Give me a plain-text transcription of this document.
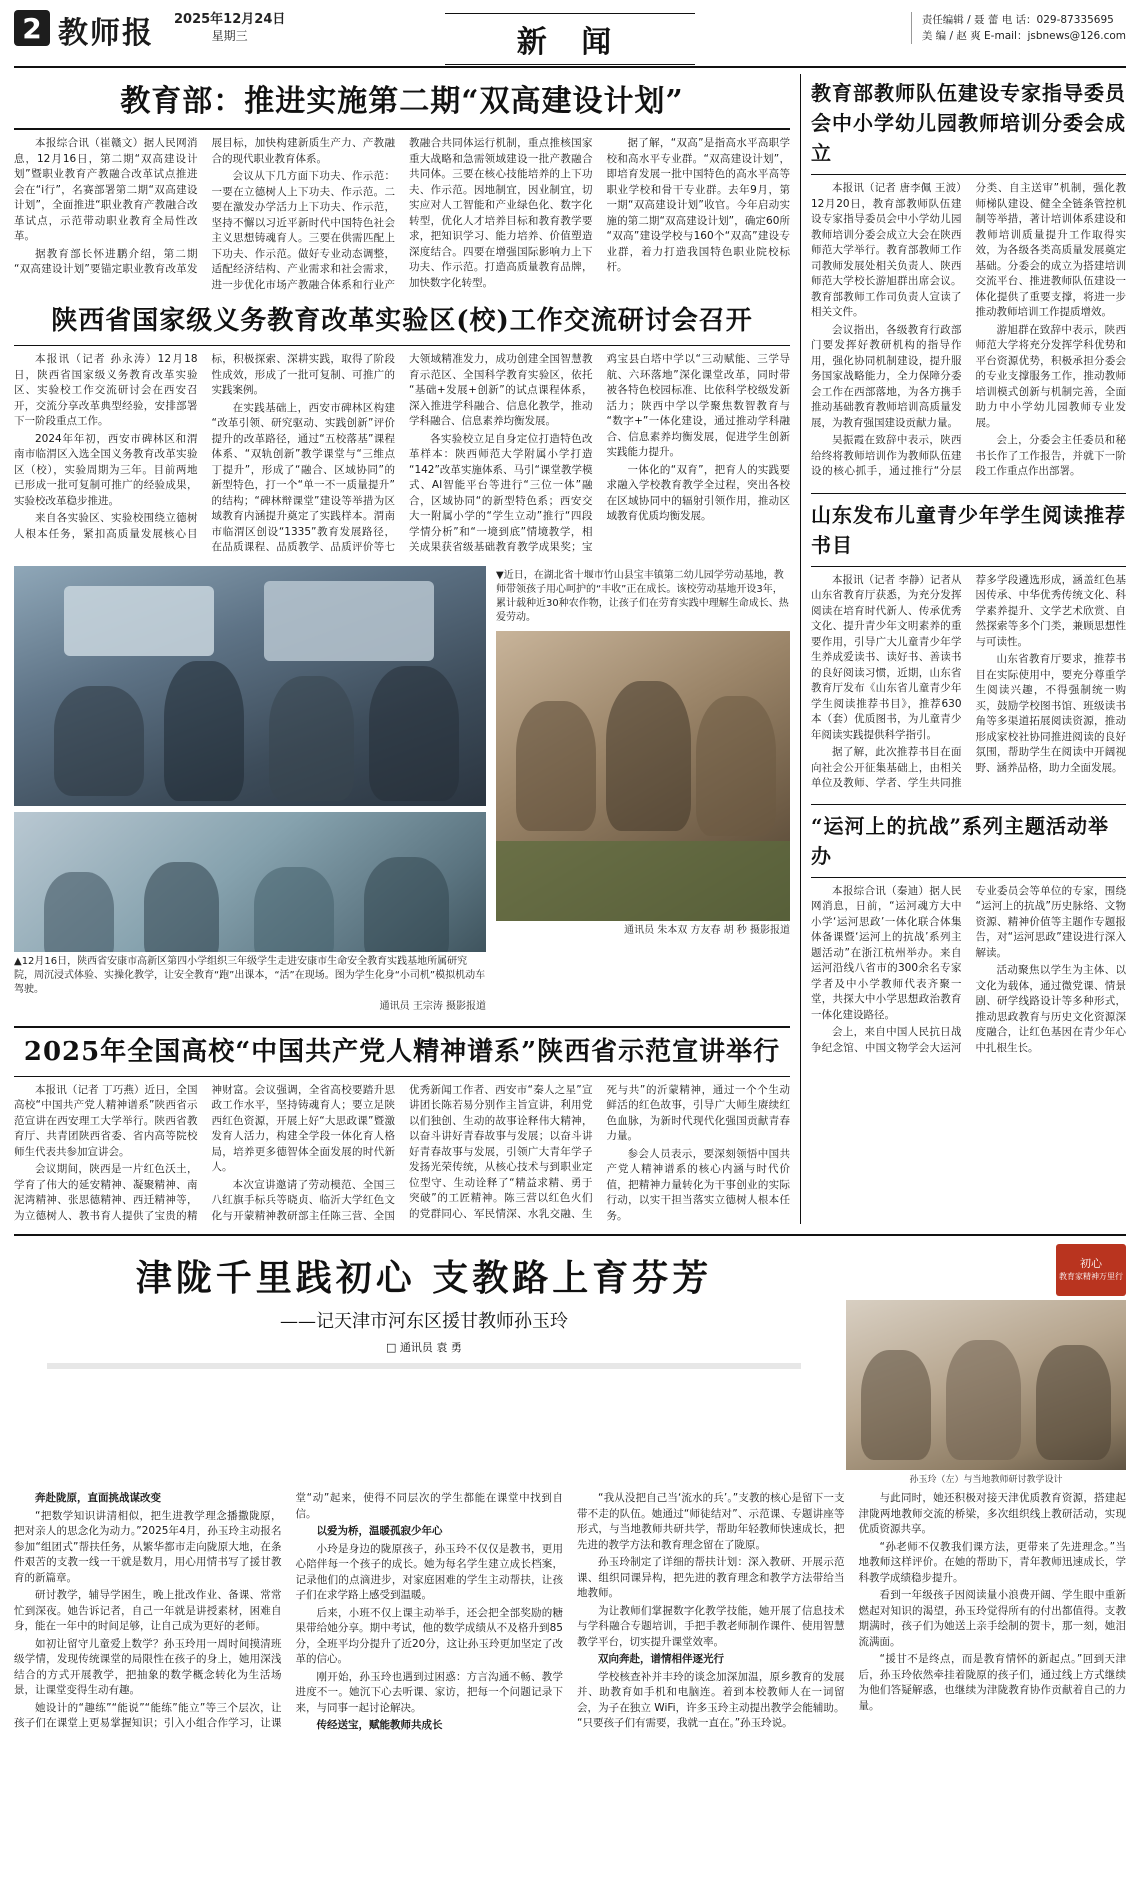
2 教师报 2025年12月24日
星期三	新 闻
责任编辑 / 聂 蕾 电 话：029-87335695
美 编 / 赵 爽 E-mail：jsbnews@126.com
教育部：推进实施第二期“双高建设计划”

本报综合讯（崔赣文）据人民网消息，12月16日，第二期“双高建设计划”暨职业教育产教融合改革试点推进会在“i行”，名赛部署第二期“双高建设计划”，全面推进“职业教育产教融合改革试点，示范带动职业教育全局性改革。

据教育部长怀进鹏介绍，第二期“双高建设计划”要锚定职业教育改革发展目标，加快构建新质生产力、产教融合的现代职业教育体系。

会议从下几方面下功夫、作示范：一要在立德树人上下功夫、作示范。二要在激发办学活力上下功夫、作示范，坚持不懈以习近平新时代中国特色社会主义思想铸魂育人。三要在供需匹配上下功夫、作示范。做好专业动态调整，适配经济结构、产业需求和社会需求，进一步优化市场产教融合体系和行业产教融合共同体运行机制，重点推核国家重大战略和急需领域建设一批产教融合共同体。三要在核心技能培养的上下功夫、作示范。因地制宜，因业制宜，切实应对人工智能和产业绿色化、数字化转型，优化人才培养目标和教育教学要求，把知识学习、能力培养、价值塑造深度结合。四要在增强国际影响力上下功夫、作示范。打造高质量教育品牌，加快数字化转型。

据了解，“双高”是指高水平高职学校和高水平专业群。“双高建设计划”，即培育发展一批中国特色的高水平高等职业学校和骨干专业群。去年9月，第一期“双高建设计划”收官。今年启动实施的第二期“双高建设计划”，确定60所“双高”建设学校与160个“双高”建设专业群，着力打造我国特色职业院校标杆。

陕西省国家级义务教育改革实验区(校)工作交流研讨会召开

本报讯（记者 孙永涛）12月18日，陕西省国家级义务教育改革实验区、实验校工作交流研讨会在西安召开，交流分享改革典型经验，安排部署下一阶段重点工作。

2024年年初，西安市碑林区和渭南市临渭区入选全国义务教育改革实验区（校），实验周期为三年。目前两地已形成一批可复制可推广的经验成果，实验校改革稳步推进。

来自各实验区、实验校围绕立德树人根本任务，紧扣高质量发展核心目标，积极探索、深耕实践，取得了阶段性成效，形成了一批可复制、可推广的实践案例。

在实践基础上，西安市碑林区构建“改革引领、研究驱动、实践创新”评价提升的改革路径，通过“五校落基”课程体系、“双轨创新”教学课堂与“三维点丁提升”，形成了“融合、区域协同”的新型特色，打一个“单一不一质量提升”的结构；“碑林辩课堂”建设等举措为区域教育内涵提升奠定了实践样本。渭南市临渭区创设“1335”教育发展路径，在品质课程、品质教学、品质评价等七大领域精准发力，成功创建全国智慧教育示范区、全国科学教育实验区，依托“基础+发展+创新”的试点课程体系，深入推进学科融合、信息化教学，推动学科融合、信息素养均衡发展。

各实验校立足自身定位打造特色改革样本：陕西师范大学附属小学打造“142”改革实施体系、马引“课堂教学模式、AI智能平台等进行“三位一体”融合，区域协同“的新型特色系；西安交大一附属小学的“学生立动”推行“四段学情分析”和“一境到底”情境教学，相关成果获省级基础教育教学成果奖；宝鸡宝县白塔中学以“三动赋能、三学导航、六环落地”深化课堂改革，同时带被各特色校园标准、比依科学校级发新活力；陕西中学以学聚焦数智教育与“数字+”一体化建设，通过推动学科融合、信息素养均衡发展，促进学生创新实践能力提升。

一体化的“双育”，把育人的实践要求融入学校教育教学全过程，突出各校在区域协同中的辐射引领作用，推动区域教育优质均衡发展。

▲12月16日，陕西省安康市高新区第四小学组织三年级学生走进安康市生命安全教育实践基地所属研究院，周沉浸式体验、实操化教学，让安全教育“跑”出课本，“活”在现场。图为学生化身“小司机”模拟机动车驾驶。
通讯员 王宗涛 摄影报道
▼近日，在湖北省十堰市竹山县宝丰镇第二幼儿园学劳动基地，教师带领孩子用心呵护的“丰收”正在成长。该校劳动基地开设3年，累计载种近30种农作物，让孩子们在劳育实践中理解生命成长、热爱劳动。
通讯员 朱本双 方友春 胡 秒 摄影报道
2025年全国高校“中国共产党人精神谱系”陕西省示范宣讲举行

本报讯（记者 丁巧燕）近日，全国高校“中国共产党人精神谱系”陕西省示范宣讲在西安理工大学举行。陕西省教育厅、共青团陕西省委、省内高等院校师生代表共参加宣讲会。

会议期间，陕西是一片红色沃土，学育了伟大的延安精神、凝聚精神、南泥湾精神、张思德精神、西迁精神等，为立德树人、教书育人提供了宝贵的精神财富。会议强调，全省高校要踏升思政工作水平，坚持铸魂育人；要立足陕西红色资源，开展上好“大思政课”暨激发育人活力，构建全学段一体化育人格局，培养更多德智体全面发展的时代新人。

本次宣讲邀请了劳动模范、全国三八红旗手标兵等晓贞、临沂大学红色文化与开蒙精神教研部主任陈三营、全国优秀新闻工作者、西安市“秦人之星”宣讲团长陈若易分别作主旨宣讲，利用党以们独创、生动的故事诠释伟大精神，以奋斗讲好青春故事与发展；以奋斗讲好青春故事与发展，引领广大青年学子发扬光荣传统，从核心技术与到职业定位型守、生动诠释了“精益求精、勇于突破”的工匠精神。陈三营以红色火们的党群同心、军民情深、水乳交融、生死与共”的沂蒙精神，通过一个个生动鲜活的红色故事，引导广大师生赓续红色血脉，为新时代现代化强国贡献青春力量。

参会人员表示，要深刻领悟中国共产党人精神谱系的核心内涵与时代价值，把精神力量转化为干事创业的实际行动，以实干担当落实立德树人根本任务。

教育部教师队伍建设专家指导委员会中小学幼儿园教师培训分委会成立

本报讯（记者 唐李佩 王波）12月20日，教育部教师队伍建设专家指导委员会中小学幼儿园教师培训分委会成立大会在陕西师范大学举行。教育部教师工作司教师发展处相关负责人、陕西师范大学校长游旭群出席会议。教育部教师工作司负责人宣读了相关文件。

会议指出，各级教育行政部门要发挥好教研机构的指导作用，强化协同机制建设，提升服务国家战略能力，全力保障分委会工作在西部落地，为各方携手推动基础教育教师培训高质量发展，为教育强国建设贡献力量。

吴振霞在致辞中表示，陕西给终将教师培训作为教师队伍建设的核心抓手，通过推行“分层分类、自主送审”机制，强化教师梯队建设、健全全链条管控机制等举措，著计培训体系建设和教师培训质量提升工作取得实效，为各级各类高质量发展奠定基础。分委会的成立为搭建培训交流平台、推进教师队伍建设一体化提供了重要支撑，将进一步推动教师培训工作提质增效。

游旭群在致辞中表示，陕西师范大学将充分发挥学科优势和平台资源优势，积极承担分委会的专业支撑服务工作，推动教师培训模式创新与机制完善，全面助力中小学幼儿园教师专业发展。

会上，分委会主任委员和秘书长作了工作报告，并就下一阶段工作重点作出部署。

山东发布儿童青少年学生阅读推荐书目

本报讯（记者 李静）记者从山东省教育厅获悉，为充分发挥阅读在培育时代新人、传承优秀文化、提升青少年文明素养的重要作用，引导广大儿童青少年学生养成爱读书、读好书、善读书的良好阅读习惯，近期，山东省教育厅发布《山东省儿童青少年学生阅读推荐书目》，推荐630本（套）优质图书，为儿童青少年阅读实践提供科学指引。

据了解，此次推荐书目在面向社会公开征集基础上，由相关单位及教师、学者、学生共同推荐多学段遴选形成，涵盖红色基因传承、中华优秀传统文化、科学素养提升、文学艺术欣赏、自然探索等多个门类，兼顾思想性与可读性。

山东省教育厅要求，推荐书目在实际使用中，要充分尊重学生阅读兴趣，不得强制统一购买，鼓励学校图书馆、班级读书角等多渠道拓展阅读资源，推动形成家校社协同推进阅读的良好氛围，帮助学生在阅读中开阔视野、涵养品格，助力全面发展。

“运河上的抗战”系列主题活动举办

本报综合讯（秦迪）据人民网消息，日前，“运河魂方大中小学‘运河思政’一体化联合体集体备课暨‘运河上的抗战’系列主题活动”在浙江杭州举办。来自运河沿线八省市的300余名专家学者及中小学教师代表齐聚一堂，共探大中小学思想政治教育一体化建设路径。

会上，来自中国人民抗日战争纪念馆、中国文物学会大运河专业委员会等单位的专家，围绕“运河上的抗战”历史脉络、文物资源、精神价值等主题作专题报告，对“运河思政”建设进行深入解读。

活动聚焦以学生为主体、以文化为载体，通过微党课、情景剧、研学线路设计等多种形式，推动思政教育与历史文化资源深度融合，让红色基因在青少年心中扎根生长。

津陇千里践初心 支教路上育芬芳
——记天津市河东区援甘教师孙玉玲
□ 通讯员 袁 勇
初心
教育家精神万里行
孙玉玲（左）与当地教师研讨教学设计

奔赴陇原，直面挑战谋改变

“把数学知识讲清相似，把生进教学理念播撒陇原，把对亲人的思念化为动力。”2025年4月，孙玉玲主动报名参加“组团式”帮扶任务，从繁华都市走向陇原大地，在条件艰苦的支教一线一干就是数月，用心用情书写了援甘教育的新篇章。

研讨教学，辅导学困生，晚上批改作业、备课、常常忙到深夜。她告诉记者，自己一年就是讲授素材，困难自身，能在一年中的时间足够，让自己成为更好的老师。

如初让留守儿童爱上数学？孙玉玲用一周时间摸清班级学情，发现传统课堂的局限性在孩子的身上，她用深浅结合的方式开展教学，把抽象的数学概念转化为生活场景，让课堂变得生动有趣。

她设计的“趣练”“能说”“能练”能立”等三个层次，让孩子们在课堂上更易掌握知识；引入小组合作学习，让课堂“动”起来，使得不同层次的学生都能在课堂中找到自信。

以爱为桥，温暖孤寂少年心

小玲是身边的陇原孩子，孙玉玲不仅仅是教书，更用心陪伴每一个孩子的成长。她为每名学生建立成长档案，记录他们的点滴进步，对家庭困难的学生主动帮扶，让孩子们在求学路上感受到温暖。

后来，小班不仅上课主动举手，还会把全部奖励的糖果带给她分享。期中考试，他的数学成绩从不及格升到85分，全班平均分提升了近20分，这让孙玉玲更加坚定了改革的信心。

刚开始，孙玉玲也遇到过困惑：方言沟通不畅、教学进度不一。她沉下心去听课、家访，把每一个问题记录下来，与同事一起讨论解决。

传经送宝，赋能教师共成长

“我从没把自己当‘流水的兵’。”支教的核心是留下一支带不走的队伍。她通过“师徒结对”、示范课、专题讲座等形式，与当地教师共研共学，帮助年轻教师快速成长，把先进的教学方法和教育理念留在了陇原。

孙玉玲制定了详细的帮扶计划：深入教研、开展示范课、组织同课异构，把先进的教育理念和教学方法带给当地教师。

为让教师们掌握数字化教学技能，她开展了信息技术与学科融合专题培训，手把手教老师制作课件、使用智慧教学平台，切实提升课堂效率。

双向奔赴，谱情相伴逐光行

学校核查补并丰玲的谈念加深加温，原乡教育的发展并、助教育如手机和电脑连。着到本校教师人在一词留会，为子在独立 WiFi，许多玉玲主动提出教学会能辅助。“只要孩子们有需要，我就一直在。”孙玉玲说。

与此同时，她还积极对接天津优质教育资源，搭建起津陇两地教师交流的桥梁，多次组织线上教研活动，实现优质资源共享。

“孙老师不仅教我们课方法，更带来了先进理念。”当地教师这样评价。在她的帮助下，青年教师迅速成长，学科教学成绩稳步提升。

看到一年级孩子因阅读量小浪费开阔、学生眼中重新燃起对知识的渴望，孙玉玲觉得所有的付出都值得。支教期满时，孩子们为她送上亲手绘制的贺卡，那一刻，她泪流满面。

“援甘不是终点，而是教育情怀的新起点。”回到天津后，孙玉玲依然牵挂着陇原的孩子们，通过线上方式继续为他们答疑解惑，也继续为津陇教育协作贡献着自己的力量。
